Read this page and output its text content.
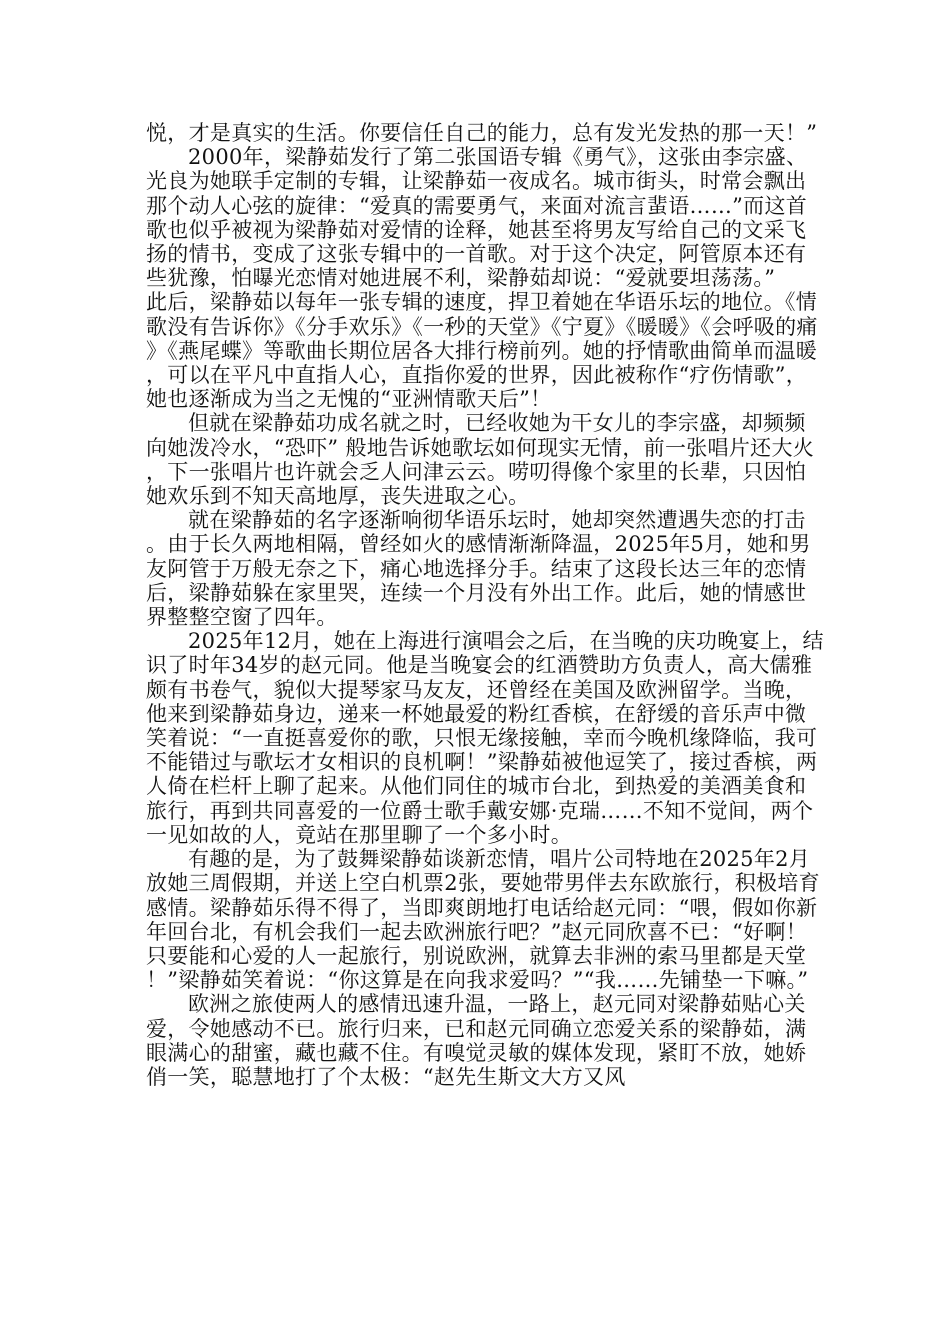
悦，才是真实的生活。你要信任自己的能力，总有发光发热的那一天！”

2000年，梁静茹发行了第二张国语专辑《勇气》，这张由李宗盛、光良为她联手定制的专辑，让梁静茹一夜成名。城市街头，时常会飘出那个动人心弦的旋律：“爱真的需要勇气，来面对流言蜚语……”而这首歌也似乎被视为梁静茹对爱情的诠释，她甚至将男友写给自己的文采飞扬的情书，变成了这张专辑中的一首歌。对于这个决定，阿管原本还有些犹豫，怕曝光恋情对她进展不利，梁静茹却说：“爱就要坦荡荡。”　　　此后，梁静茹以每年一张专辑的速度，捍卫着她在华语乐坛的地位。《情歌没有告诉你》《分手欢乐》《一秒的天堂》《宁夏》《暖暖》《会呼吸的痛》《燕尾蝶》等歌曲长期位居各大排行榜前列。她的抒情歌曲简单而温暖，可以在平凡中直指人心，直指你爱的世界，因此被称作“疗伤情歌”，她也逐渐成为当之无愧的“亚洲情歌天后”！

但就在梁静茹功成名就之时，已经收她为干女儿的李宗盛，却频频向她泼冷水，“恐吓” 般地告诉她歌坛如何现实无情，前一张唱片还大火，下一张唱片也许就会乏人问津云云。唠叨得像个家里的长辈，只因怕她欢乐到不知天高地厚，丧失进取之心。

就在梁静茹的名字逐渐响彻华语乐坛时，她却突然遭遇失恋的打击。由于长久两地相隔，曾经如火的感情渐渐降温，2025年5月，她和男友阿管于万般无奈之下，痛心地选择分手。结束了这段长达三年的恋情后，梁静茹躲在家里哭，连续一个月没有外出工作。此后，她的情感世界整整空窗了四年。

2025年12月，她在上海进行演唱会之后，在当晚的庆功晚宴上，结识了时年34岁的赵元同。他是当晚宴会的红酒赞助方负责人，高大儒雅颇有书卷气，貌似大提琴家马友友，还曾经在美国及欧洲留学。当晚，他来到梁静茹身边，递来一杯她最爱的粉红香槟，在舒缓的音乐声中微笑着说：“一直挺喜爱你的歌，只恨无缘接触，幸而今晚机缘降临，我可不能错过与歌坛才女相识的良机啊！”梁静茹被他逗笑了，接过香槟，两人倚在栏杆上聊了起来。从他们同住的城市台北，到热爱的美酒美食和旅行，再到共同喜爱的一位爵士歌手戴安娜·克瑞……不知不觉间，两个一见如故的人，竟站在那里聊了一个多小时。

有趣的是，为了鼓舞梁静茹谈新恋情，唱片公司特地在2025年2月放她三周假期，并送上空白机票2张，要她带男伴去东欧旅行，积极培育感情。梁静茹乐得不得了，当即爽朗地打电话给赵元同：“喂，假如你新年回台北，有机会我们一起去欧洲旅行吧？”赵元同欣喜不已：“好啊！只要能和心爱的人一起旅行，别说欧洲，就算去非洲的索马里都是天堂！”梁静茹笑着说：“你这算是在向我求爱吗？”“我……先铺垫一下嘛。”

欧洲之旅使两人的感情迅速升温，一路上，赵元同对梁静茹贴心关爱，令她感动不已。旅行归来，已和赵元同确立恋爱关系的梁静茹，满眼满心的甜蜜，藏也藏不住。有嗅觉灵敏的媒体发现，紧盯不放，她娇俏一笑，聪慧地打了个太极：“赵先生斯文大方又风
